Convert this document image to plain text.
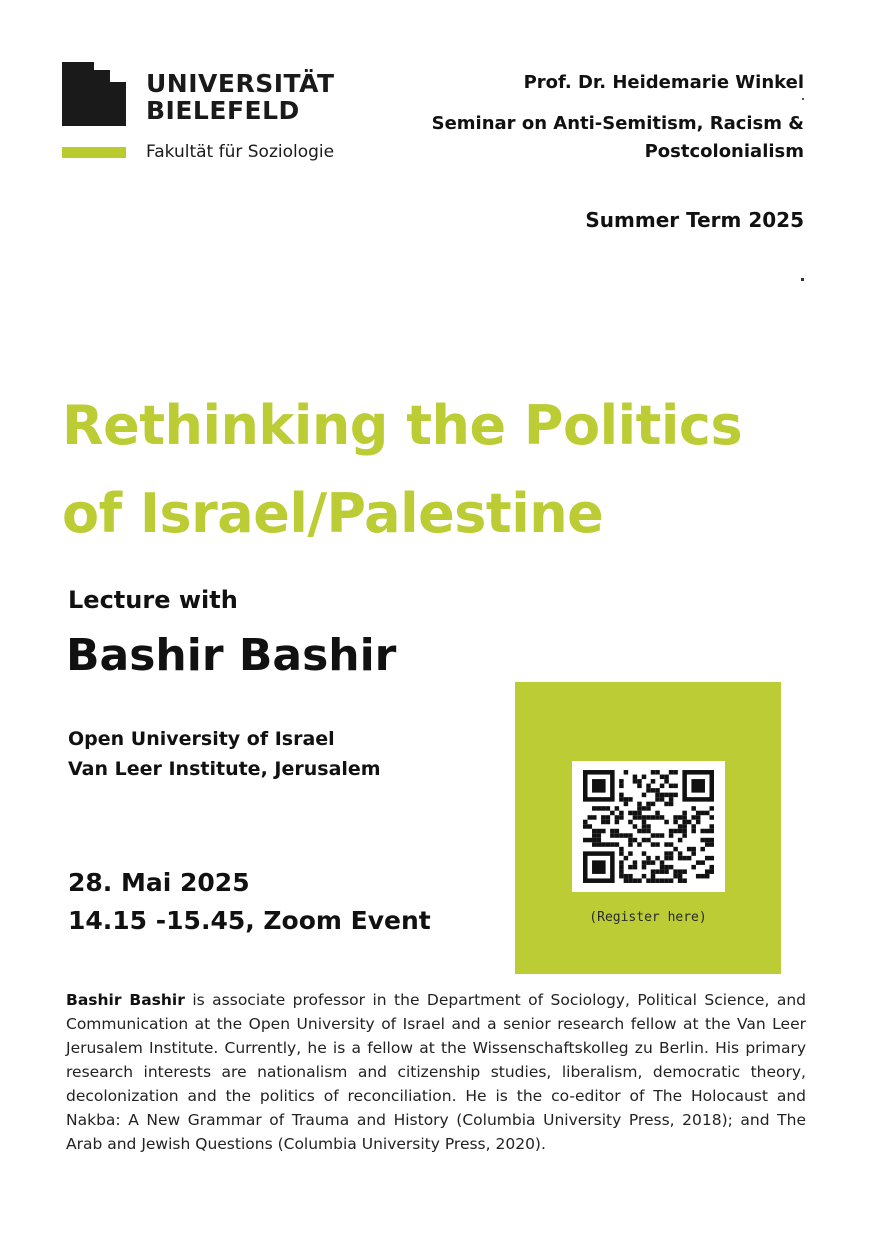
UNIVERSITÄT
BIELEFELD
Fakultät für Soziologie
Prof. Dr. Heidemarie Winkel
Seminar on Anti-Semitism, Racism &
Postcolonialism
Summer Term 2025
Rethinking the Politics
of Israel/Palestine
Lecture with
Bashir Bashir
Open University of Israel
Van Leer Institute, Jerusalem
28. Mai 2025
14.15 -15.45, Zoom Event	(Register here)
Bashir Bashir is associate professor in the Department of Sociology, Political Science, and Communication at the Open University of Israel and a senior research fellow at the Van Leer Jerusalem Institute. Currently, he is a fellow at the Wissenschaftskolleg zu Berlin. His primary research interests are nationalism and citizenship studies, liberalism, democratic theory, decolonization and the politics of reconciliation. He is the co-editor of The Holocaust and Nakba: A New Grammar of Trauma and History (Columbia University Press, 2018); and The Arab and Jewish Questions (Columbia University Press, 2020).
